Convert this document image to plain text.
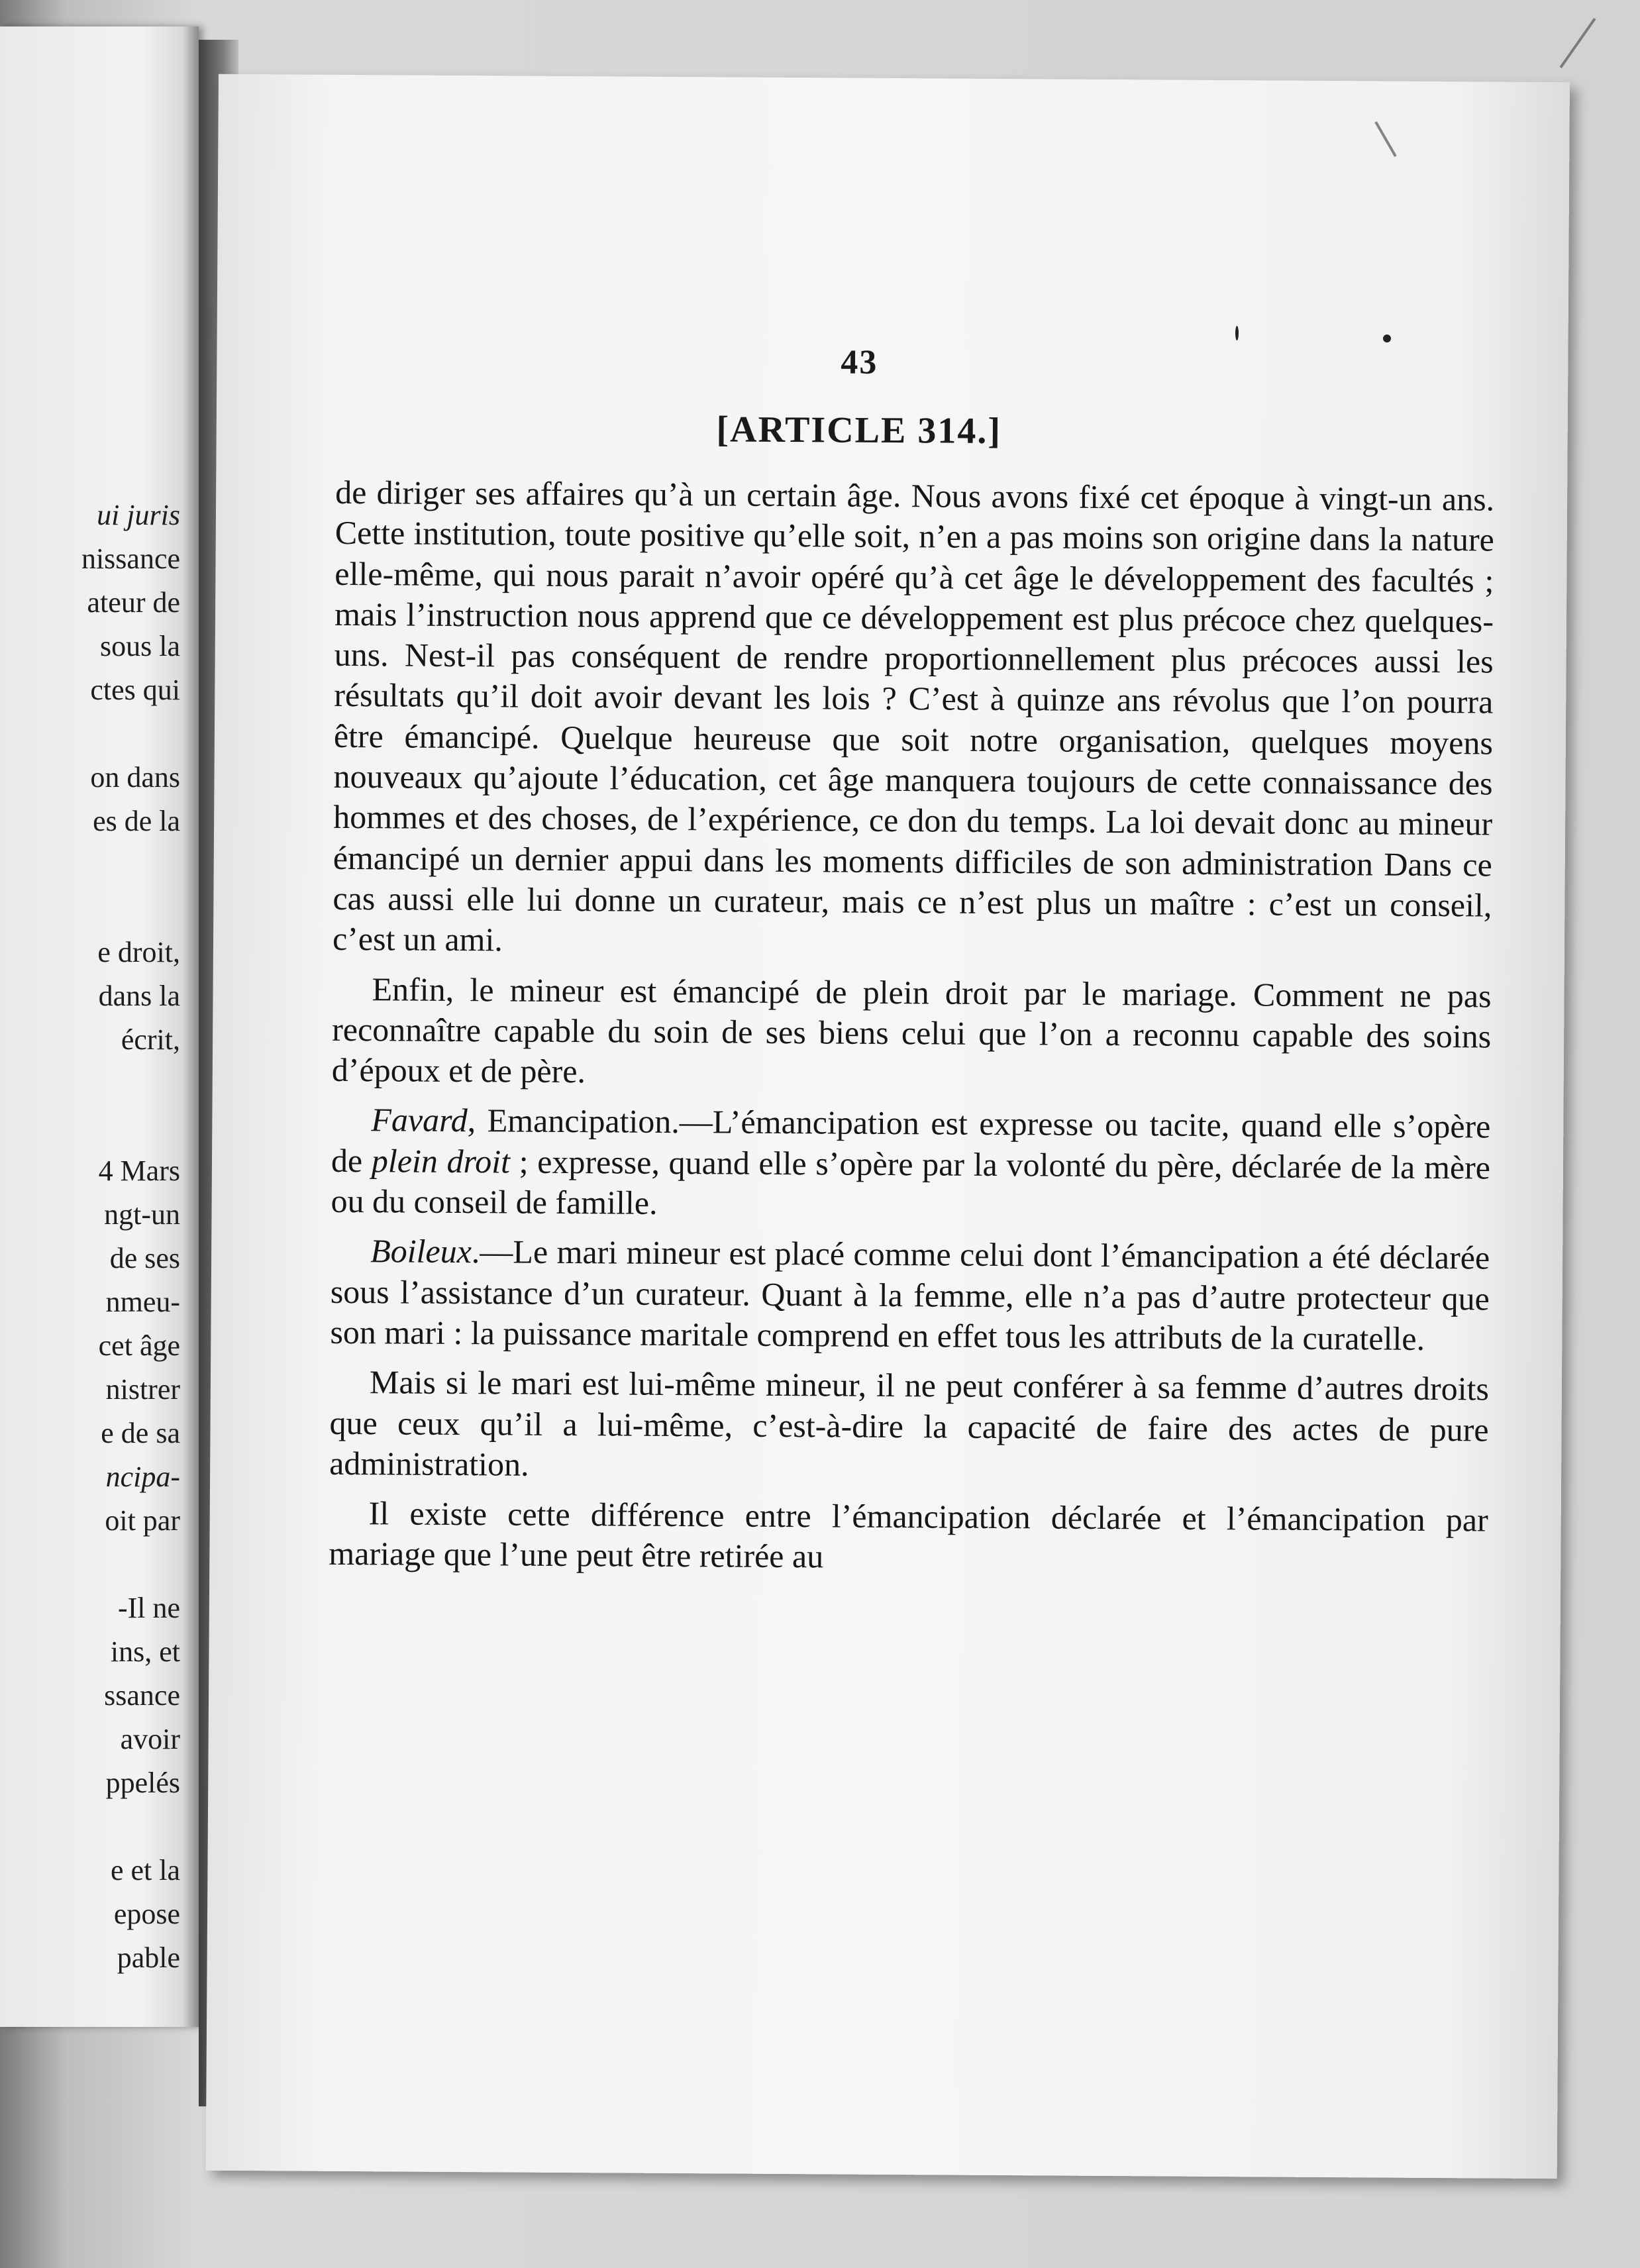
ui juris
nissance
ateur de
sous la
ctes qui
on dans
es de la
e droit,
dans la
écrit,
4 Mars
ngt-un
de ses
nmeu-
cet âge
nistrer
e de sa
ncipa-
oit par
-Il ne
ins, et
ssance
avoir
ppelés
e et la
epose
pable
43
[ARTICLE 314.]

de diriger ses affaires qu’à un certain âge. Nous avons fixé cet époque à vingt-un ans. Cette institution, toute positive qu’elle soit, n’en a pas moins son origine dans la nature elle-même, qui nous parait n’avoir opéré qu’à cet âge le développement des facultés ; mais l’instruction nous apprend que ce développement est plus précoce chez quelques-uns. Nest-il pas conséquent de rendre proportionnellement plus précoces aussi les résultats qu’il doit avoir devant les lois ? C’est à quinze ans révolus que l’on pourra être émancipé. Quelque heureuse que soit notre organisation, quelques moyens nouveaux qu’ajoute l’éducation, cet âge manquera toujours de cette connaissance des hommes et des choses, de l’expérience, ce don du temps. La loi devait donc au mineur émancipé un dernier appui dans les moments difficiles de son administration Dans ce cas aussi elle lui donne un curateur, mais ce n’est plus un maître : c’est un conseil, c’est un ami.

Enfin, le mineur est émancipé de plein droit par le mariage. Comment ne pas reconnaître capable du soin de ses biens celui que l’on a reconnu capable des soins d’époux et de père.

Favard, Emancipation.—L’émancipation est expresse ou tacite, quand elle s’opère de plein droit ; expresse, quand elle s’opère par la volonté du père, déclarée de la mère ou du conseil de famille.

Boileux.—Le mari mineur est placé comme celui dont l’émancipation a été déclarée sous l’assistance d’un curateur. Quant à la femme, elle n’a pas d’autre protecteur que son mari : la puissance maritale comprend en effet tous les attributs de la curatelle.

Mais si le mari est lui-même mineur, il ne peut conférer à sa femme d’autres droits que ceux qu’il a lui-même, c’est-à-dire la capacité de faire des actes de pure administration.

Il existe cette différence entre l’émancipation déclarée et l’émancipation par mariage que l’une peut être retirée au
